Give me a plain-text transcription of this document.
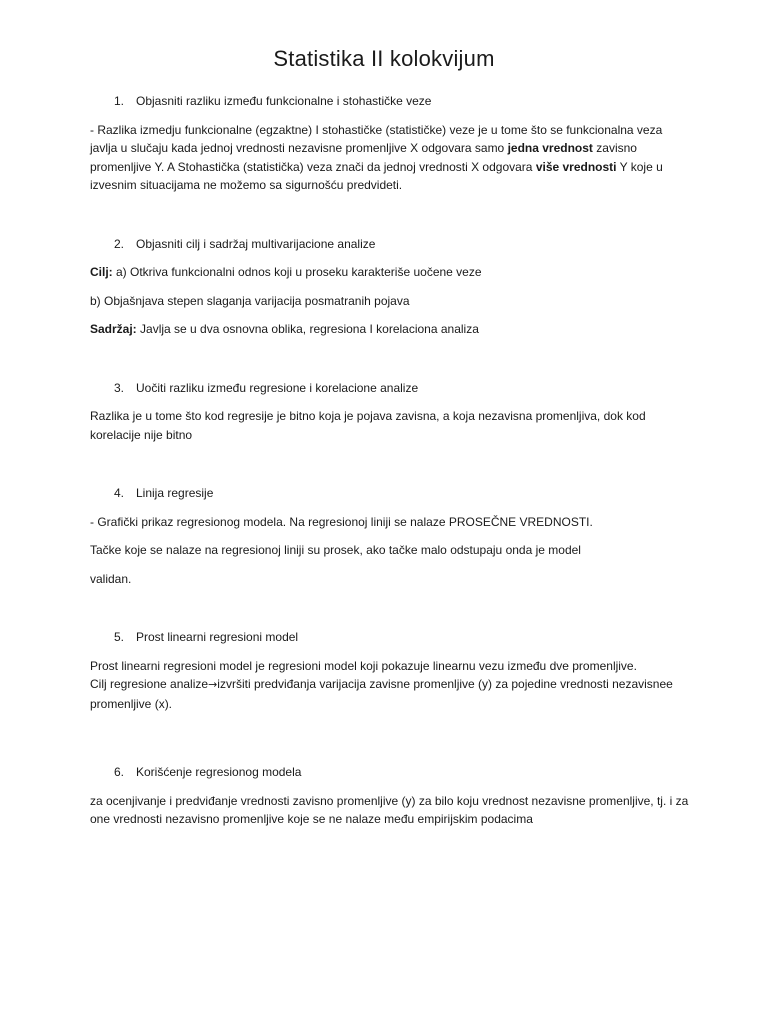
Statistika II kolokvijum

1. Objasniti razliku između funkcionalne i stohastičke veze

- Razlika izmedju funkcionalne (egzaktne) I stohastičke (statističke) veze je u tome što se funkcionalna veza javlja u slučaju kada jednoj vrednosti nezavisne promenljive X odgovara samo jedna vrednost zavisno promenljive Y. A Stohastička (statistička) veza znači da jednoj vrednosti X odgovara više vrednosti Y koje u izvesnim situacijama ne možemo sa sigurnošću predvideti.

2. Objasniti cilj i sadržaj multivarijacione analize

Cilj: a) Otkriva funkcionalni odnos koji u proseku karakteriše uočene veze

b) Objašnjava stepen slaganja varijacija posmatranih pojava

Sadržaj: Javlja se u dva osnovna oblika, regresiona I korelaciona analiza

3. Uočiti razliku između regresione i korelacione analize

Razlika je u tome što kod regresije je bitno koja je pojava zavisna, a koja nezavisna promenljiva, dok kod korelacije nije bitno

4. Linija regresije

- Grafički prikaz regresionog modela. Na regresionoj liniji se nalaze PROSEČNE VREDNOSTI.

Tačke koje se nalaze na regresionoj liniji su prosek, ako tačke malo odstupaju onda je model

validan.

5. Prost linearni regresioni model

Prost linearni regresioni model je regresioni model koji pokazuje linearnu vezu između dve promenljive.
Cilj regresione analize→izvršiti predviđanja varijacija zavisne promenljive (y) za pojedine vrednosti nezavisnee promenljive (x).

6. Korišćenje regresionog modela

za ocenjivanje i predviđanje vrednosti zavisno promenljive (y) za bilo koju vrednost nezavisne promenljive, tj. i za one vrednosti nezavisno promenljive koje se ne nalaze među empirijskim podacima
